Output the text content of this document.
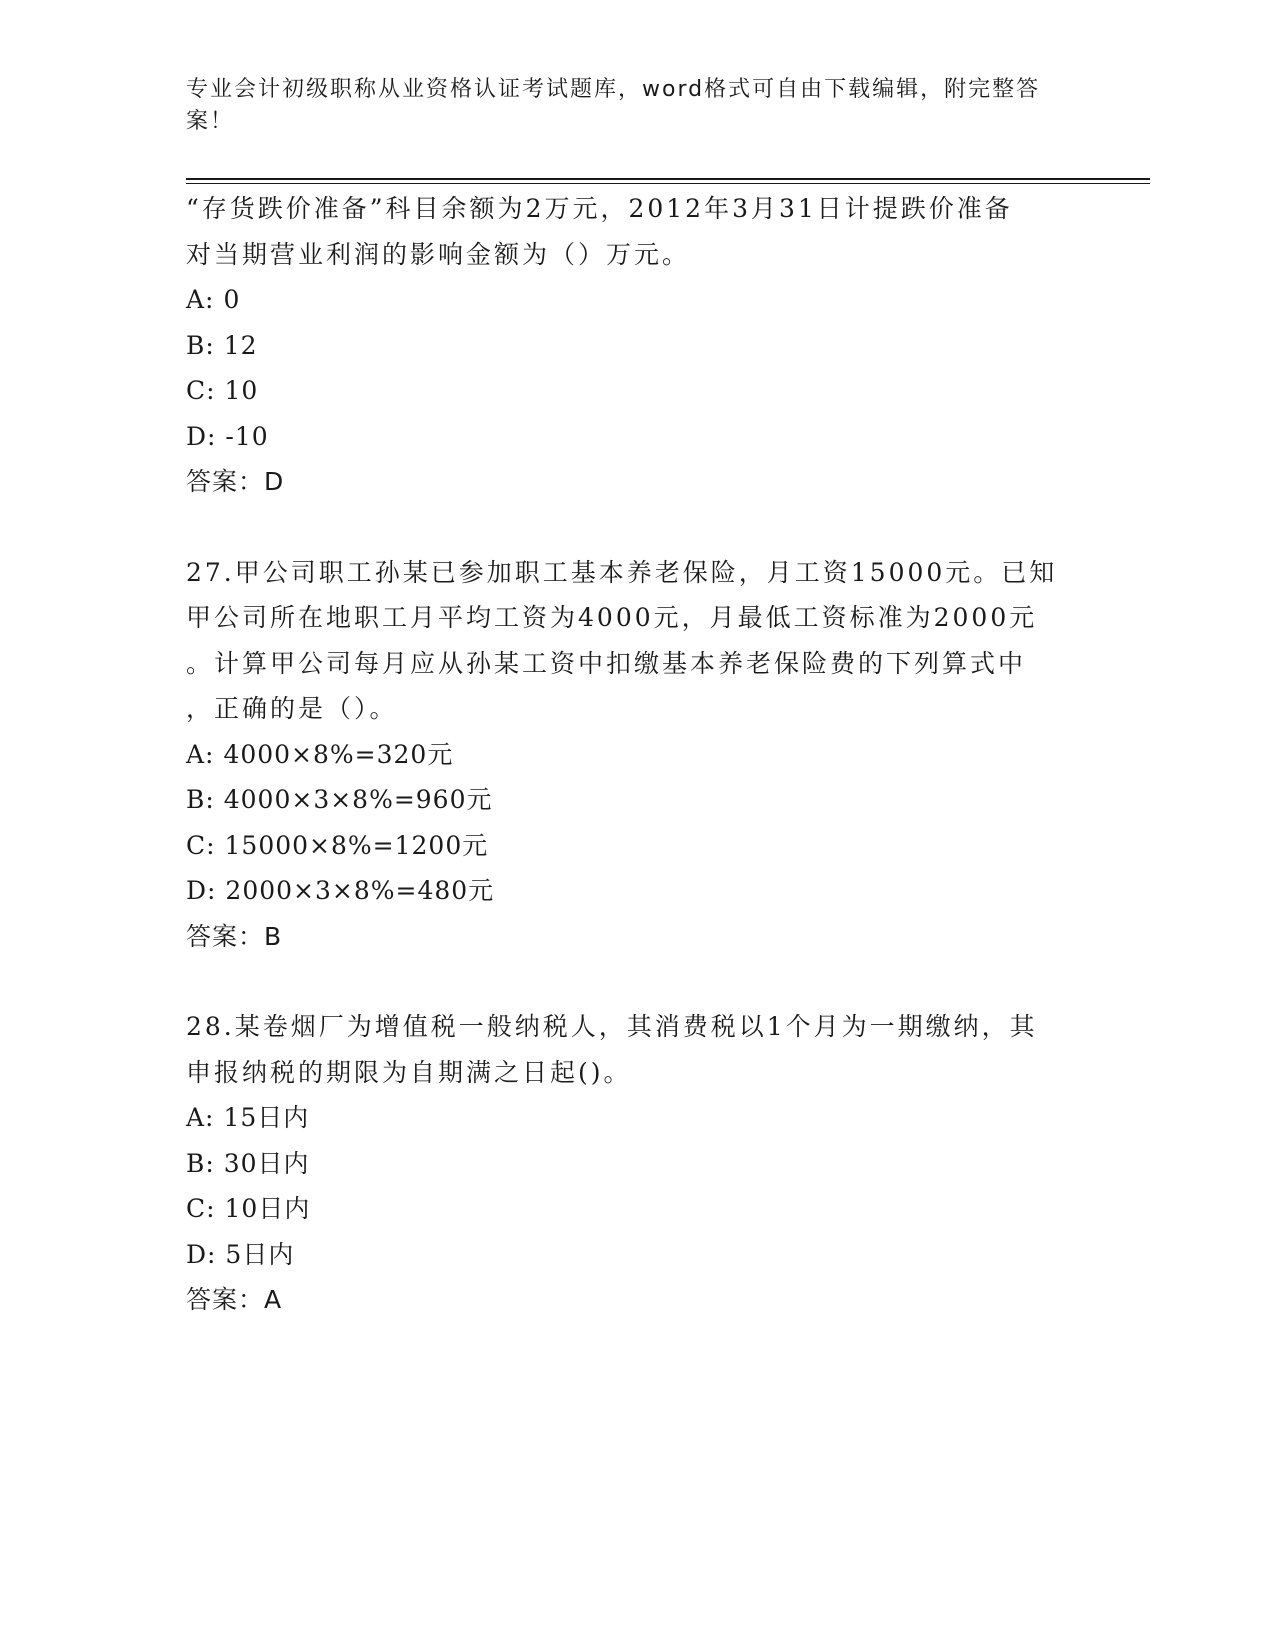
专业会计初级职称从业资格认证考试题库，word格式可自由下载编辑，附完整答案！

“存货跌价准备”科目余额为2万元，2012年3月31日计提跌价准备

对当期营业利润的影响金额为（）万元。

A: 0

B: 12

C: 10

D: -10

答案：D

27.甲公司职工孙某已参加职工基本养老保险，月工资15000元。已知

甲公司所在地职工月平均工资为4000元，月最低工资标准为2000元

。计算甲公司每月应从孙某工资中扣缴基本养老保险费的下列算式中

，正确的是（）。

A: 4000×8%=320元

B: 4000×3×8%=960元

C: 15000×8%=1200元

D: 2000×3×8%=480元

答案：B

28.某卷烟厂为增值税一般纳税人，其消费税以1个月为一期缴纳，其

申报纳税的期限为自期满之日起()。

A: 15日内

B: 30日内

C: 10日内

D: 5日内

答案：A
